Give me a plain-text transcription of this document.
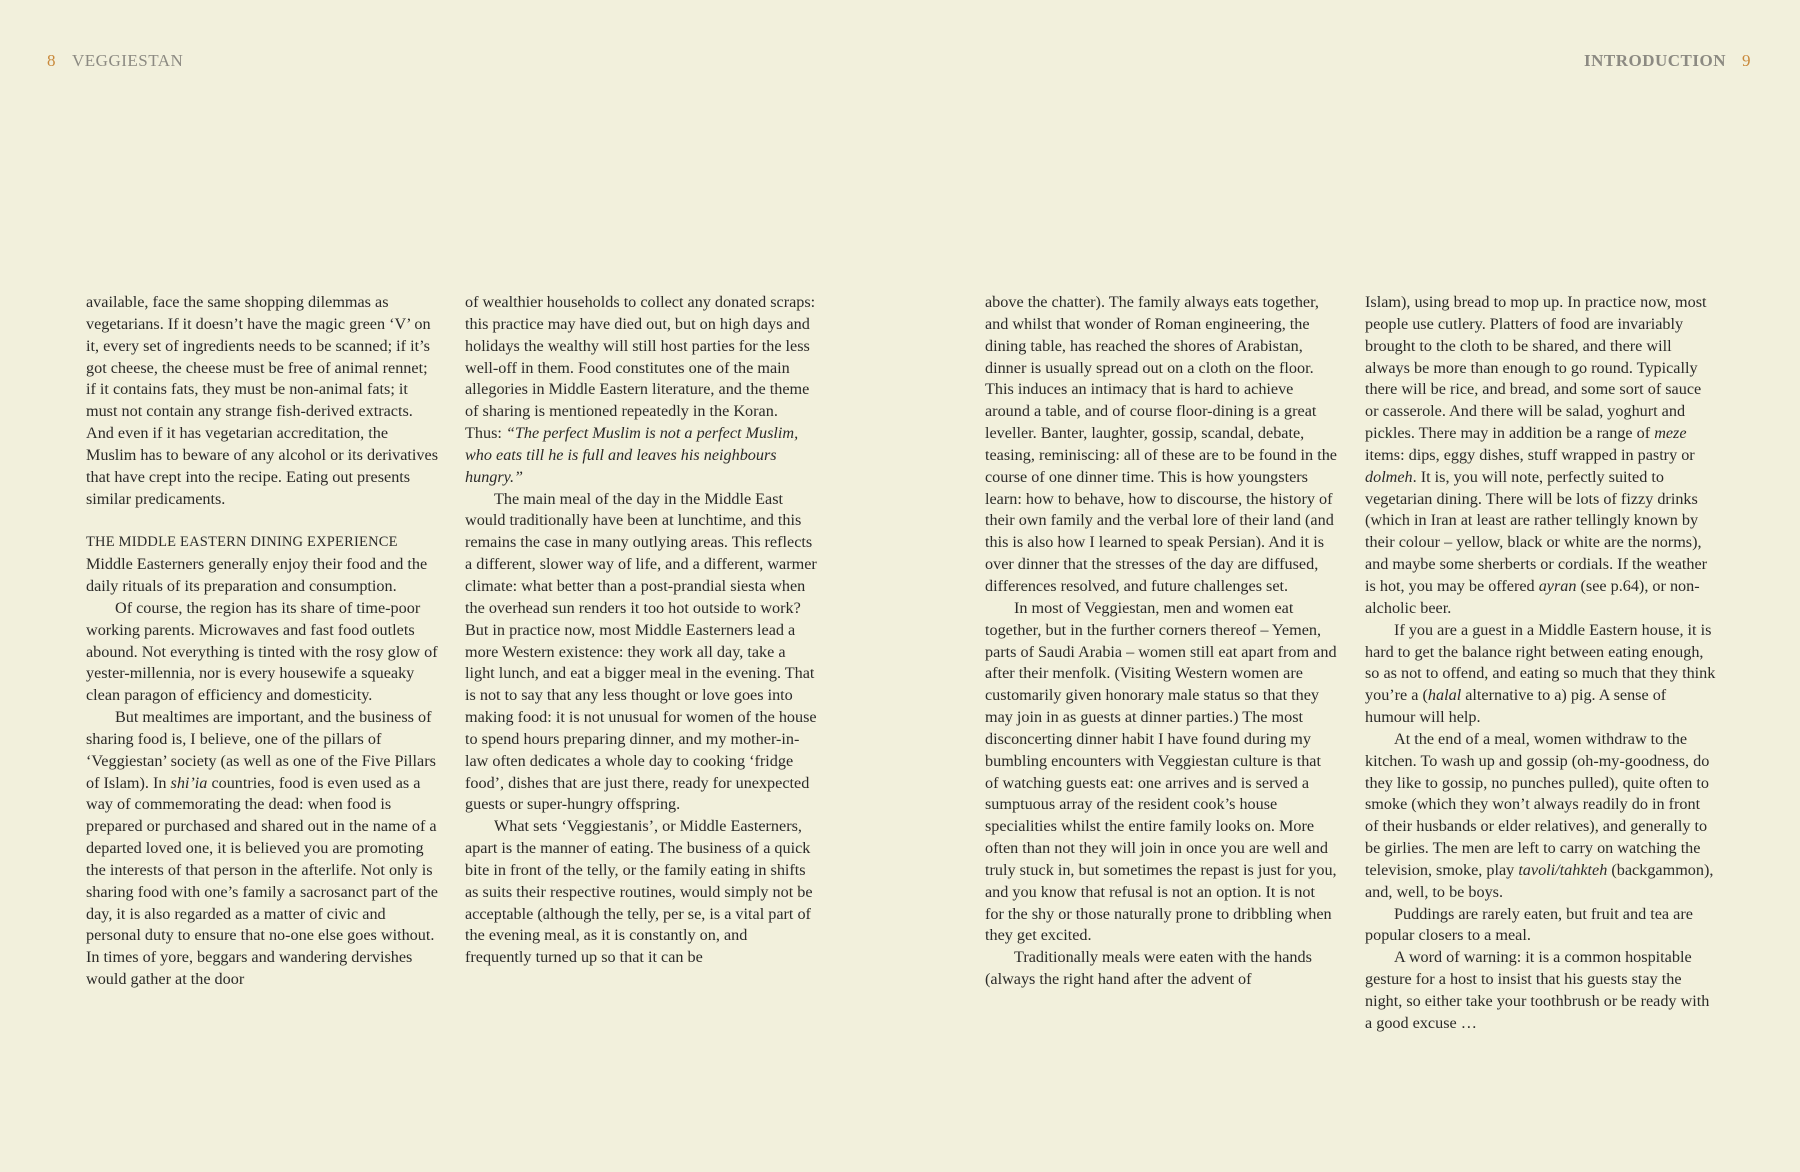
8 VEGGIESTAN

available, face the same shopping dilemmas as vegetarians. If it doesn’t have the magic green ‘V’ on it, every set of ingredients needs to be scanned; if it’s got cheese, the cheese must be free of animal rennet; if it contains fats, they must be non-animal fats; it must not contain any strange fish-derived extracts. And even if it has vegetarian accreditation, the Muslim has to beware of any alcohol or its derivatives that have crept into the recipe. Eating out presents similar predicaments.

THE MIDDLE EASTERN DINING EXPERIENCE

Middle Easterners generally enjoy their food and the daily rituals of its preparation and consumption.

Of course, the region has its share of time-poor working parents. Microwaves and fast food outlets abound. Not everything is tinted with the rosy glow of yester-millennia, nor is every housewife a squeaky clean paragon of efficiency and domesticity.

But mealtimes are important, and the business of sharing food is, I believe, one of the pillars of ‘Veggiestan’ society (as well as one of the Five Pillars of Islam). In shi’ia countries, food is even used as a way of commemorating the dead: when food is prepared or purchased and shared out in the name of a departed loved one, it is believed you are promoting the interests of that person in the afterlife. Not only is sharing food with one’s family a sacrosanct part of the day, it is also regarded as a matter of civic and personal duty to ensure that no-one else goes without. In times of yore, beggars and wandering dervishes would gather at the door

of wealthier households to collect any donated scraps: this practice may have died out, but on high days and holidays the wealthy will still host parties for the less well-off in them. Food constitutes one of the main allegories in Middle Eastern literature, and the theme of sharing is mentioned repeatedly in the Koran. Thus: “The perfect Muslim is not a perfect Muslim, who eats till he is full and leaves his neighbours hungry.”

The main meal of the day in the Middle East would traditionally have been at lunchtime, and this remains the case in many outlying areas. This reflects a different, slower way of life, and a different, warmer climate: what better than a post-prandial siesta when the overhead sun renders it too hot outside to work? But in practice now, most Middle Easterners lead a more Western existence: they work all day, take a light lunch, and eat a bigger meal in the evening. That is not to say that any less thought or love goes into making food: it is not unusual for women of the house to spend hours preparing dinner, and my mother-in-law often dedicates a whole day to cooking ‘fridge food’, dishes that are just there, ready for unexpected guests or super-hungry offspring.

What sets ‘Veggiestanis’, or Middle Easterners, apart is the manner of eating. The business of a quick bite in front of the telly, or the family eating in shifts as suits their respective routines, would simply not be acceptable (although the telly, per se, is a vital part of the evening meal, as it is constantly on, and frequently turned up so that it can be

INTRODUCTION 9

above the chatter). The family always eats together, and whilst that wonder of Roman engineering, the dining table, has reached the shores of Arabistan, dinner is usually spread out on a cloth on the floor. This induces an intimacy that is hard to achieve around a table, and of course floor-dining is a great leveller. Banter, laughter, gossip, scandal, debate, teasing, reminiscing: all of these are to be found in the course of one dinner time. This is how youngsters learn: how to behave, how to discourse, the history of their own family and the verbal lore of their land (and this is also how I learned to speak Persian). And it is over dinner that the stresses of the day are diffused, differences resolved, and future challenges set.

In most of Veggiestan, men and women eat together, but in the further corners thereof – Yemen, parts of Saudi Arabia – women still eat apart from and after their menfolk. (Visiting Western women are customarily given honorary male status so that they may join in as guests at dinner parties.) The most disconcerting dinner habit I have found during my bumbling encounters with Veggiestan culture is that of watching guests eat: one arrives and is served a sumptuous array of the resident cook’s house specialities whilst the entire family looks on. More often than not they will join in once you are well and truly stuck in, but sometimes the repast is just for you, and you know that refusal is not an option. It is not for the shy or those naturally prone to dribbling when they get excited.

Traditionally meals were eaten with the hands (always the right hand after the advent of

Islam), using bread to mop up. In practice now, most people use cutlery. Platters of food are invariably brought to the cloth to be shared, and there will always be more than enough to go round. Typically there will be rice, and bread, and some sort of sauce or casserole. And there will be salad, yoghurt and pickles. There may in addition be a range of meze items: dips, eggy dishes, stuff wrapped in pastry or dolmeh. It is, you will note, perfectly suited to vegetarian dining. There will be lots of fizzy drinks (which in Iran at least are rather tellingly known by their colour – yellow, black or white are the norms), and maybe some sherberts or cordials. If the weather is hot, you may be offered ayran (see p.64), or non-alcholic beer.

If you are a guest in a Middle Eastern house, it is hard to get the balance right between eating enough, so as not to offend, and eating so much that they think you’re a (halal alternative to a) pig. A sense of humour will help.

At the end of a meal, women withdraw to the kitchen. To wash up and gossip (oh-my-goodness, do they like to gossip, no punches pulled), quite often to smoke (which they won’t always readily do in front of their husbands or elder relatives), and generally to be girlies. The men are left to carry on watching the television, smoke, play tavoli/tahkteh (backgammon), and, well, to be boys.

Puddings are rarely eaten, but fruit and tea are popular closers to a meal.

A word of warning: it is a common hospitable gesture for a host to insist that his guests stay the night, so either take your toothbrush or be ready with a good excuse …
